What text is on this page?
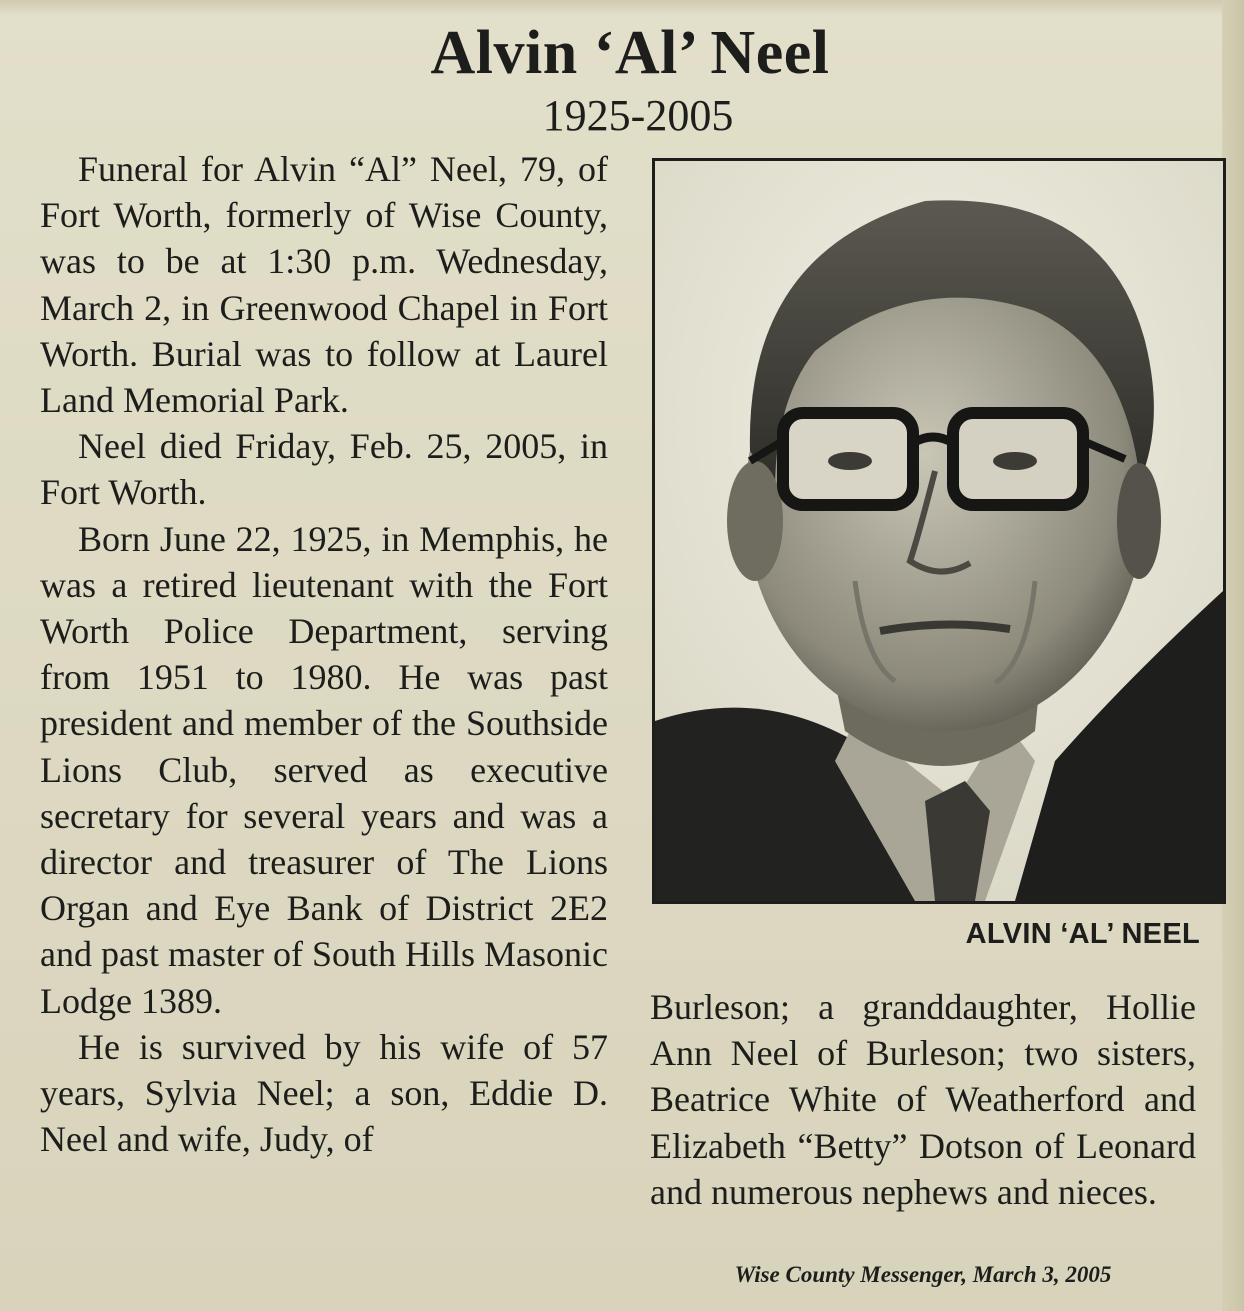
Alvin ‘Al’ Neel
1925-2005

Funeral for Alvin “Al” Neel, 79, of Fort Worth, formerly of Wise County, was to be at 1:30 p.m. Wednesday, March 2, in Greenwood Chapel in Fort Worth. Burial was to follow at Laurel Land Memorial Park.

Neel died Friday, Feb. 25, 2005, in Fort Worth.

Born June 22, 1925, in Memphis, he was a retired lieutenant with the Fort Worth Police Department, serving from 1951 to 1980. He was past president and member of the Southside Lions Club, served as executive secretary for several years and was a director and treasurer of The Lions Organ and Eye Bank of District 2E2 and past master of South Hills Masonic Lodge 1389.

He is survived by his wife of 57 years, Sylvia Neel; a son, Eddie D. Neel and wife, Judy, of

ALVIN ‘AL’ NEEL

Burleson; a granddaughter, Hollie Ann Neel of Burleson; two sisters, Beatrice White of Weatherford and Elizabeth “Betty” Dotson of Leonard and numerous nephews and nieces.

Wise County Messenger, March 3, 2005
